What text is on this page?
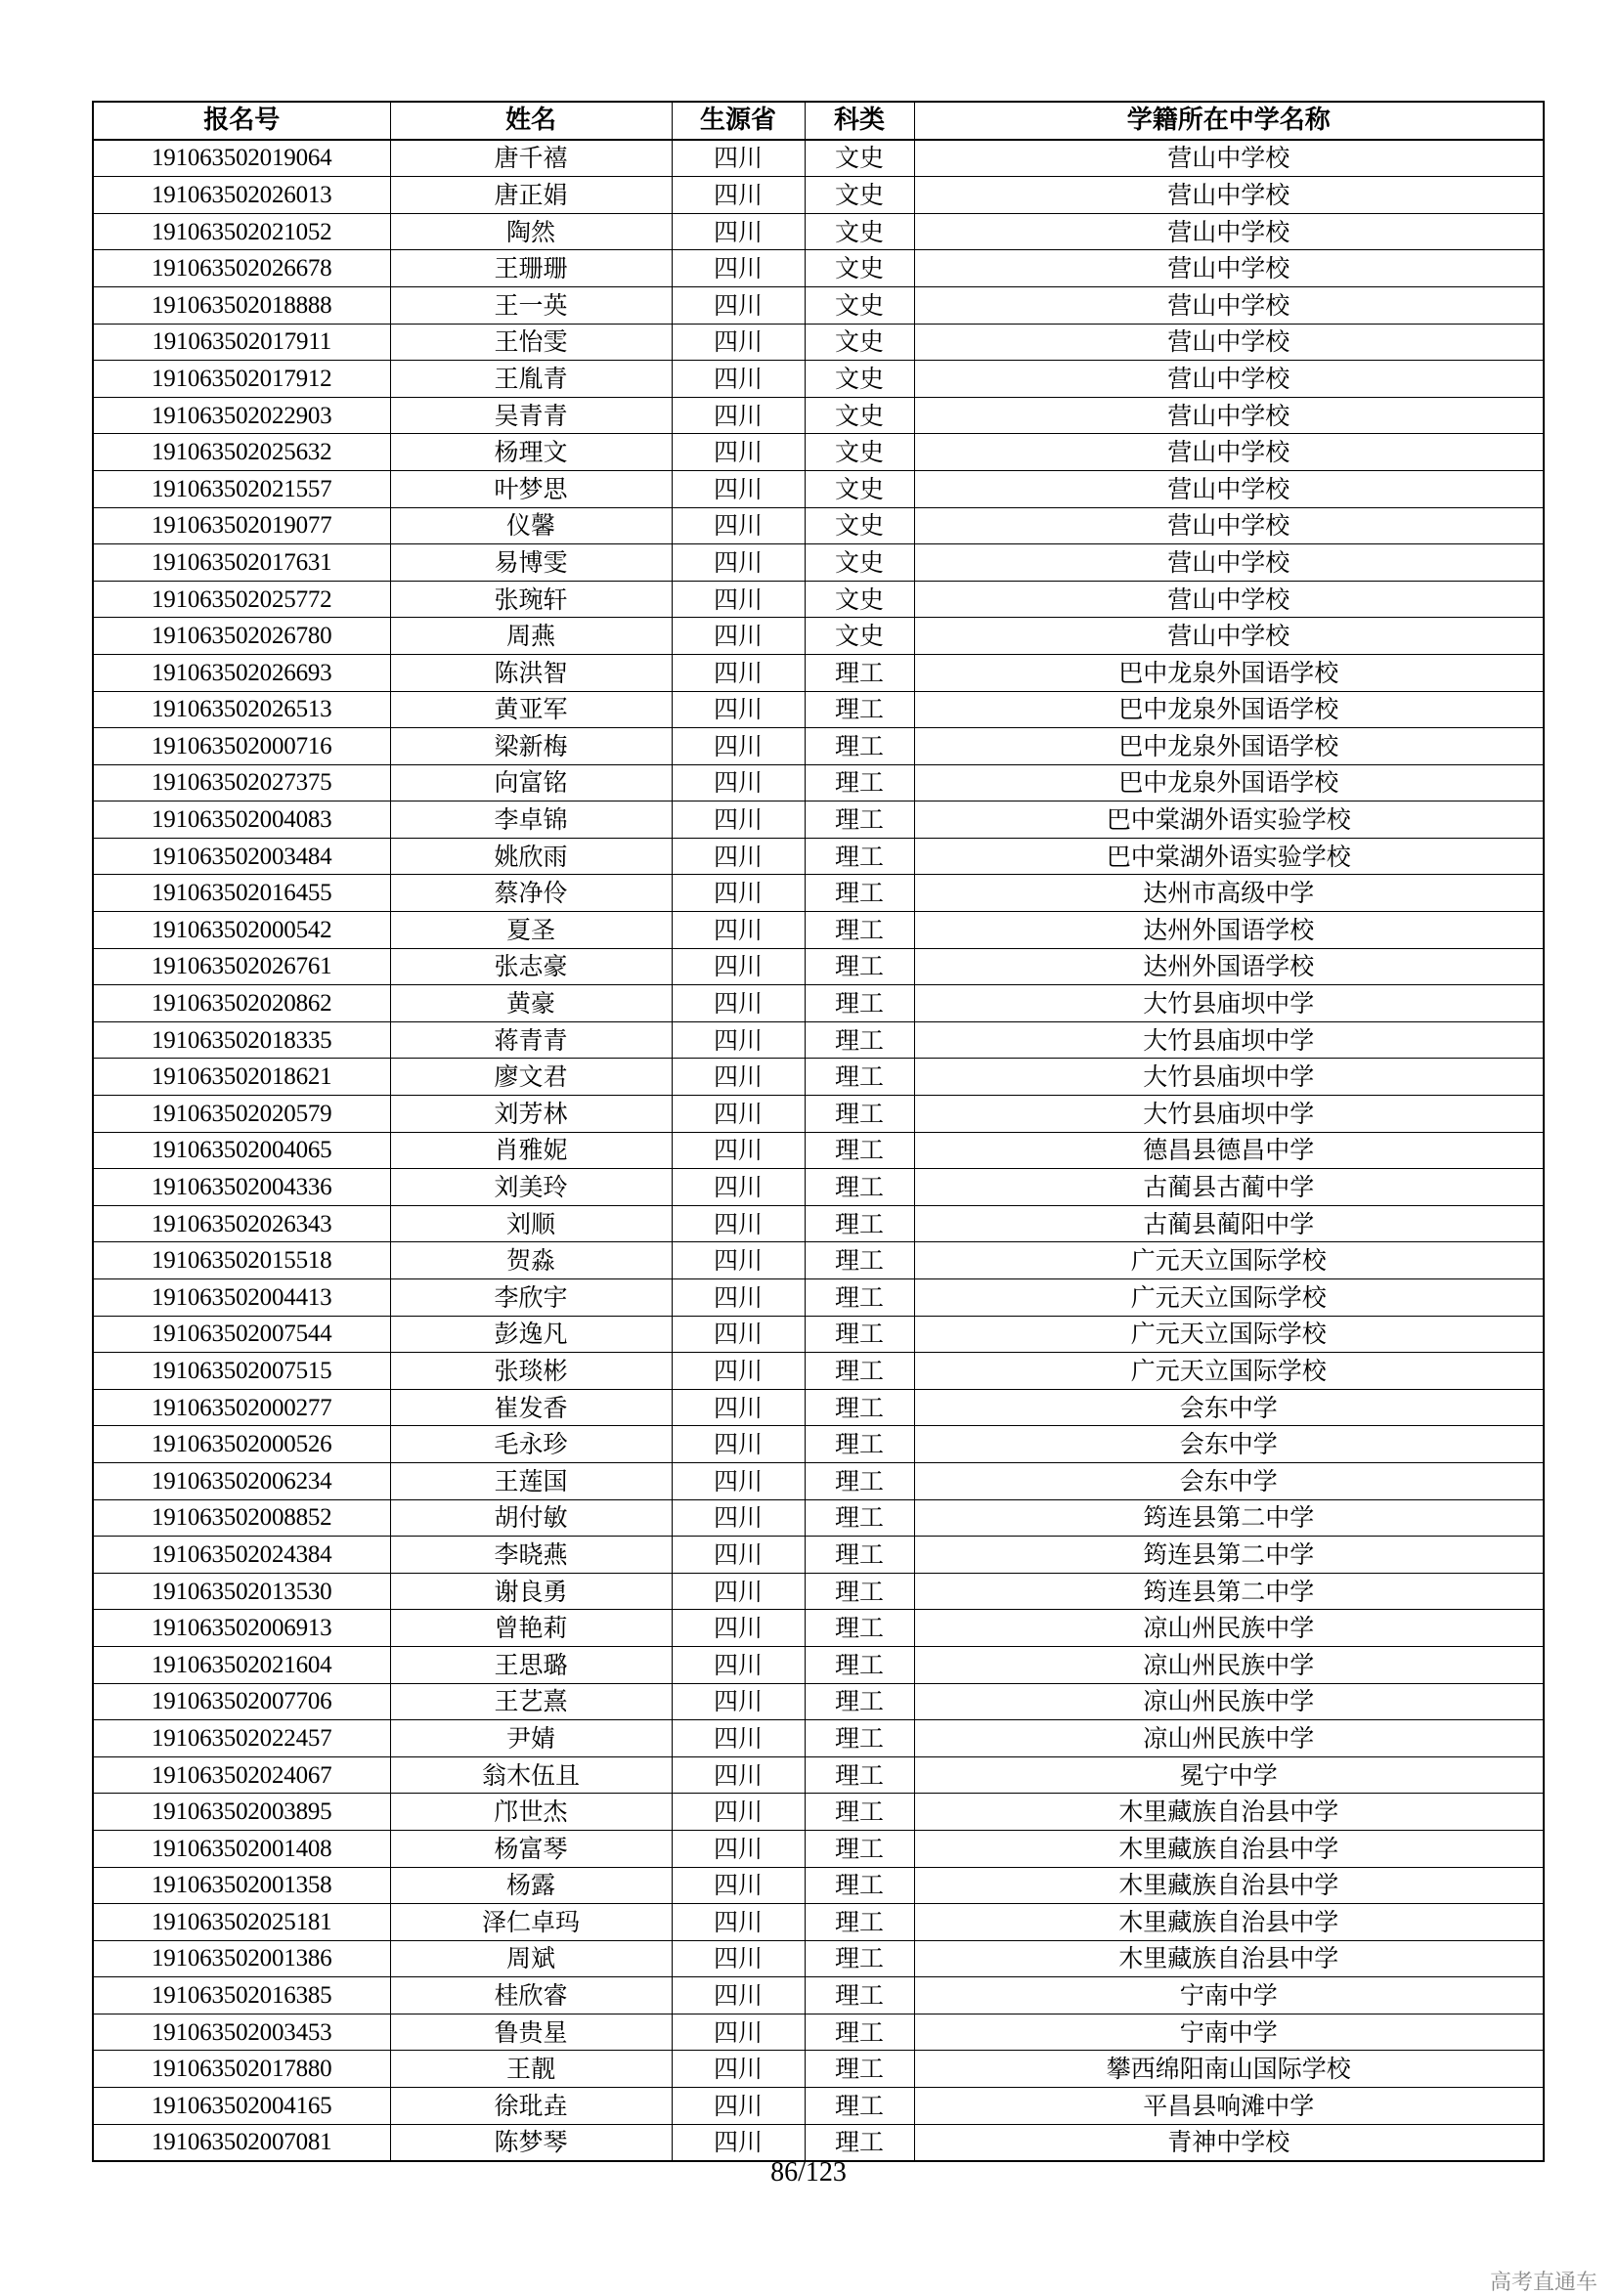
报名号	姓名	生源省	科类	学籍所在中学名称
191063502019064	唐千禧	四川	文史	营山中学校
191063502026013	唐正娟	四川	文史	营山中学校
191063502021052	陶然	四川	文史	营山中学校
191063502026678	王珊珊	四川	文史	营山中学校
191063502018888	王一英	四川	文史	营山中学校
191063502017911	王怡雯	四川	文史	营山中学校
191063502017912	王胤青	四川	文史	营山中学校
191063502022903	吴青青	四川	文史	营山中学校
191063502025632	杨理文	四川	文史	营山中学校
191063502021557	叶梦思	四川	文史	营山中学校
191063502019077	仪馨	四川	文史	营山中学校
191063502017631	易博雯	四川	文史	营山中学校
191063502025772	张琬轩	四川	文史	营山中学校
191063502026780	周燕	四川	文史	营山中学校
191063502026693	陈洪智	四川	理工	巴中龙泉外国语学校
191063502026513	黄亚军	四川	理工	巴中龙泉外国语学校
191063502000716	梁新梅	四川	理工	巴中龙泉外国语学校
191063502027375	向富铭	四川	理工	巴中龙泉外国语学校
191063502004083	李卓锦	四川	理工	巴中棠湖外语实验学校
191063502003484	姚欣雨	四川	理工	巴中棠湖外语实验学校
191063502016455	蔡净伶	四川	理工	达州市高级中学
191063502000542	夏圣	四川	理工	达州外国语学校
191063502026761	张志豪	四川	理工	达州外国语学校
191063502020862	黄豪	四川	理工	大竹县庙坝中学
191063502018335	蒋青青	四川	理工	大竹县庙坝中学
191063502018621	廖文君	四川	理工	大竹县庙坝中学
191063502020579	刘芳林	四川	理工	大竹县庙坝中学
191063502004065	肖雅妮	四川	理工	德昌县德昌中学
191063502004336	刘美玲	四川	理工	古蔺县古蔺中学
191063502026343	刘顺	四川	理工	古蔺县蔺阳中学
191063502015518	贺淼	四川	理工	广元天立国际学校
191063502004413	李欣宇	四川	理工	广元天立国际学校
191063502007544	彭逸凡	四川	理工	广元天立国际学校
191063502007515	张琰彬	四川	理工	广元天立国际学校
191063502000277	崔发香	四川	理工	会东中学
191063502000526	毛永珍	四川	理工	会东中学
191063502006234	王莲国	四川	理工	会东中学
191063502008852	胡付敏	四川	理工	筠连县第二中学
191063502024384	李晓燕	四川	理工	筠连县第二中学
191063502013530	谢良勇	四川	理工	筠连县第二中学
191063502006913	曾艳莉	四川	理工	凉山州民族中学
191063502021604	王思璐	四川	理工	凉山州民族中学
191063502007706	王艺熹	四川	理工	凉山州民族中学
191063502022457	尹婧	四川	理工	凉山州民族中学
191063502024067	翁木伍且	四川	理工	冕宁中学
191063502003895	邝世杰	四川	理工	木里藏族自治县中学
191063502001408	杨富琴	四川	理工	木里藏族自治县中学
191063502001358	杨露	四川	理工	木里藏族自治县中学
191063502025181	泽仁卓玛	四川	理工	木里藏族自治县中学
191063502001386	周斌	四川	理工	木里藏族自治县中学
191063502016385	桂欣睿	四川	理工	宁南中学
191063502003453	鲁贵星	四川	理工	宁南中学
191063502017880	王靓	四川	理工	攀西绵阳南山国际学校
191063502004165	徐玭垚	四川	理工	平昌县响滩中学
191063502007081	陈梦琴	四川	理工	青神中学校
86/123
高考直通车
